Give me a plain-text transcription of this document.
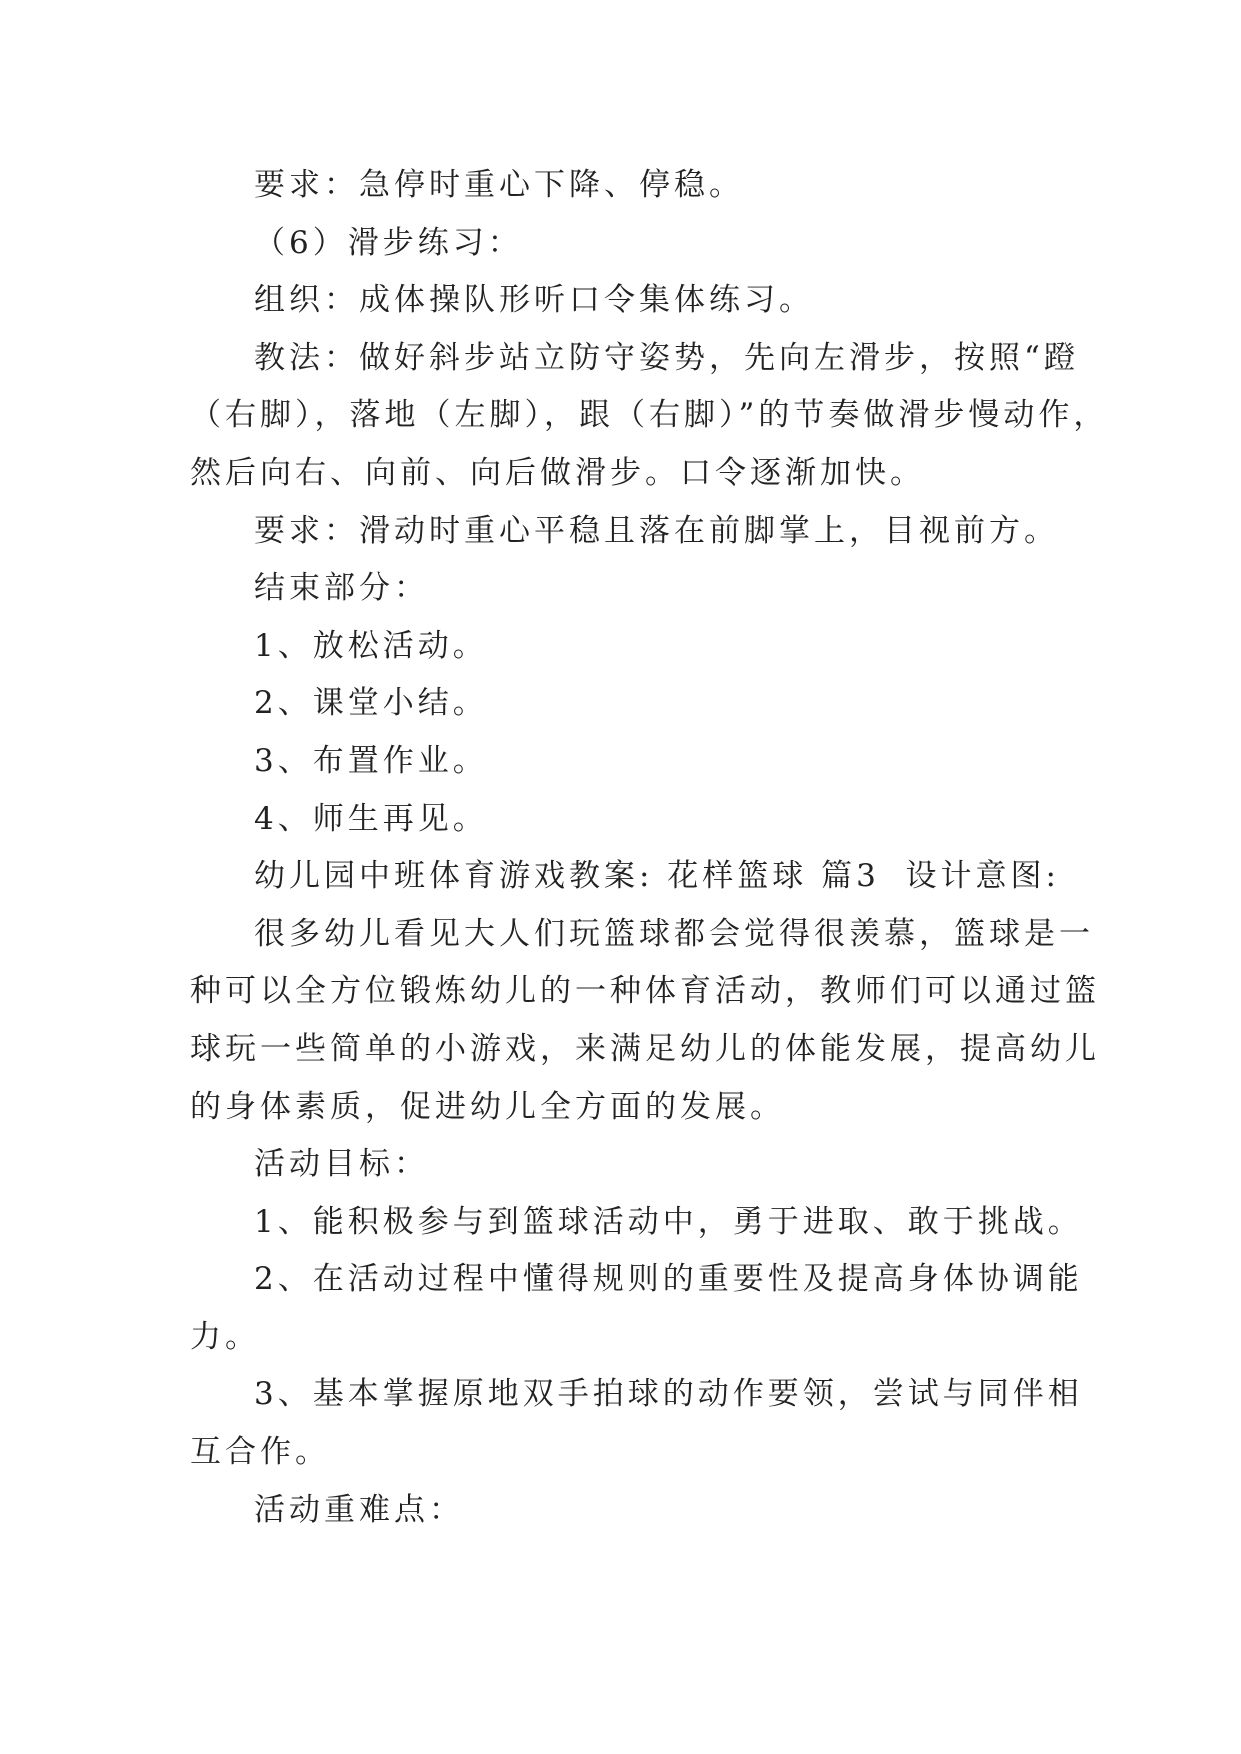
要求：急停时重心下降、停稳。

（6）滑步练习：

组织：成体操队形听口令集体练习。

教法：做好斜步站立防守姿势，先向左滑步，按照“蹬

（右脚），落地（左脚），跟（右脚）”的节奏做滑步慢动作，

然后向右、向前、向后做滑步。口令逐渐加快。

要求：滑动时重心平稳且落在前脚掌上，目视前方。

结束部分：

1、放松活动。

2、课堂小结。

3、布置作业。

4、师生再见。

幼儿园中班体育游戏教案: 花样篮球 篇3 设计意图:

很多幼儿看见大人们玩篮球都会觉得很羡慕，篮球是一

种可以全方位锻炼幼儿的一种体育活动，教师们可以通过篮

球玩一些简单的小游戏，来满足幼儿的体能发展，提高幼儿

的身体素质，促进幼儿全方面的发展。

活动目标：

1、能积极参与到篮球活动中，勇于进取、敢于挑战。

2、在活动过程中懂得规则的重要性及提高身体协调能

力。

3、基本掌握原地双手拍球的动作要领，尝试与同伴相

互合作。

活动重难点：
